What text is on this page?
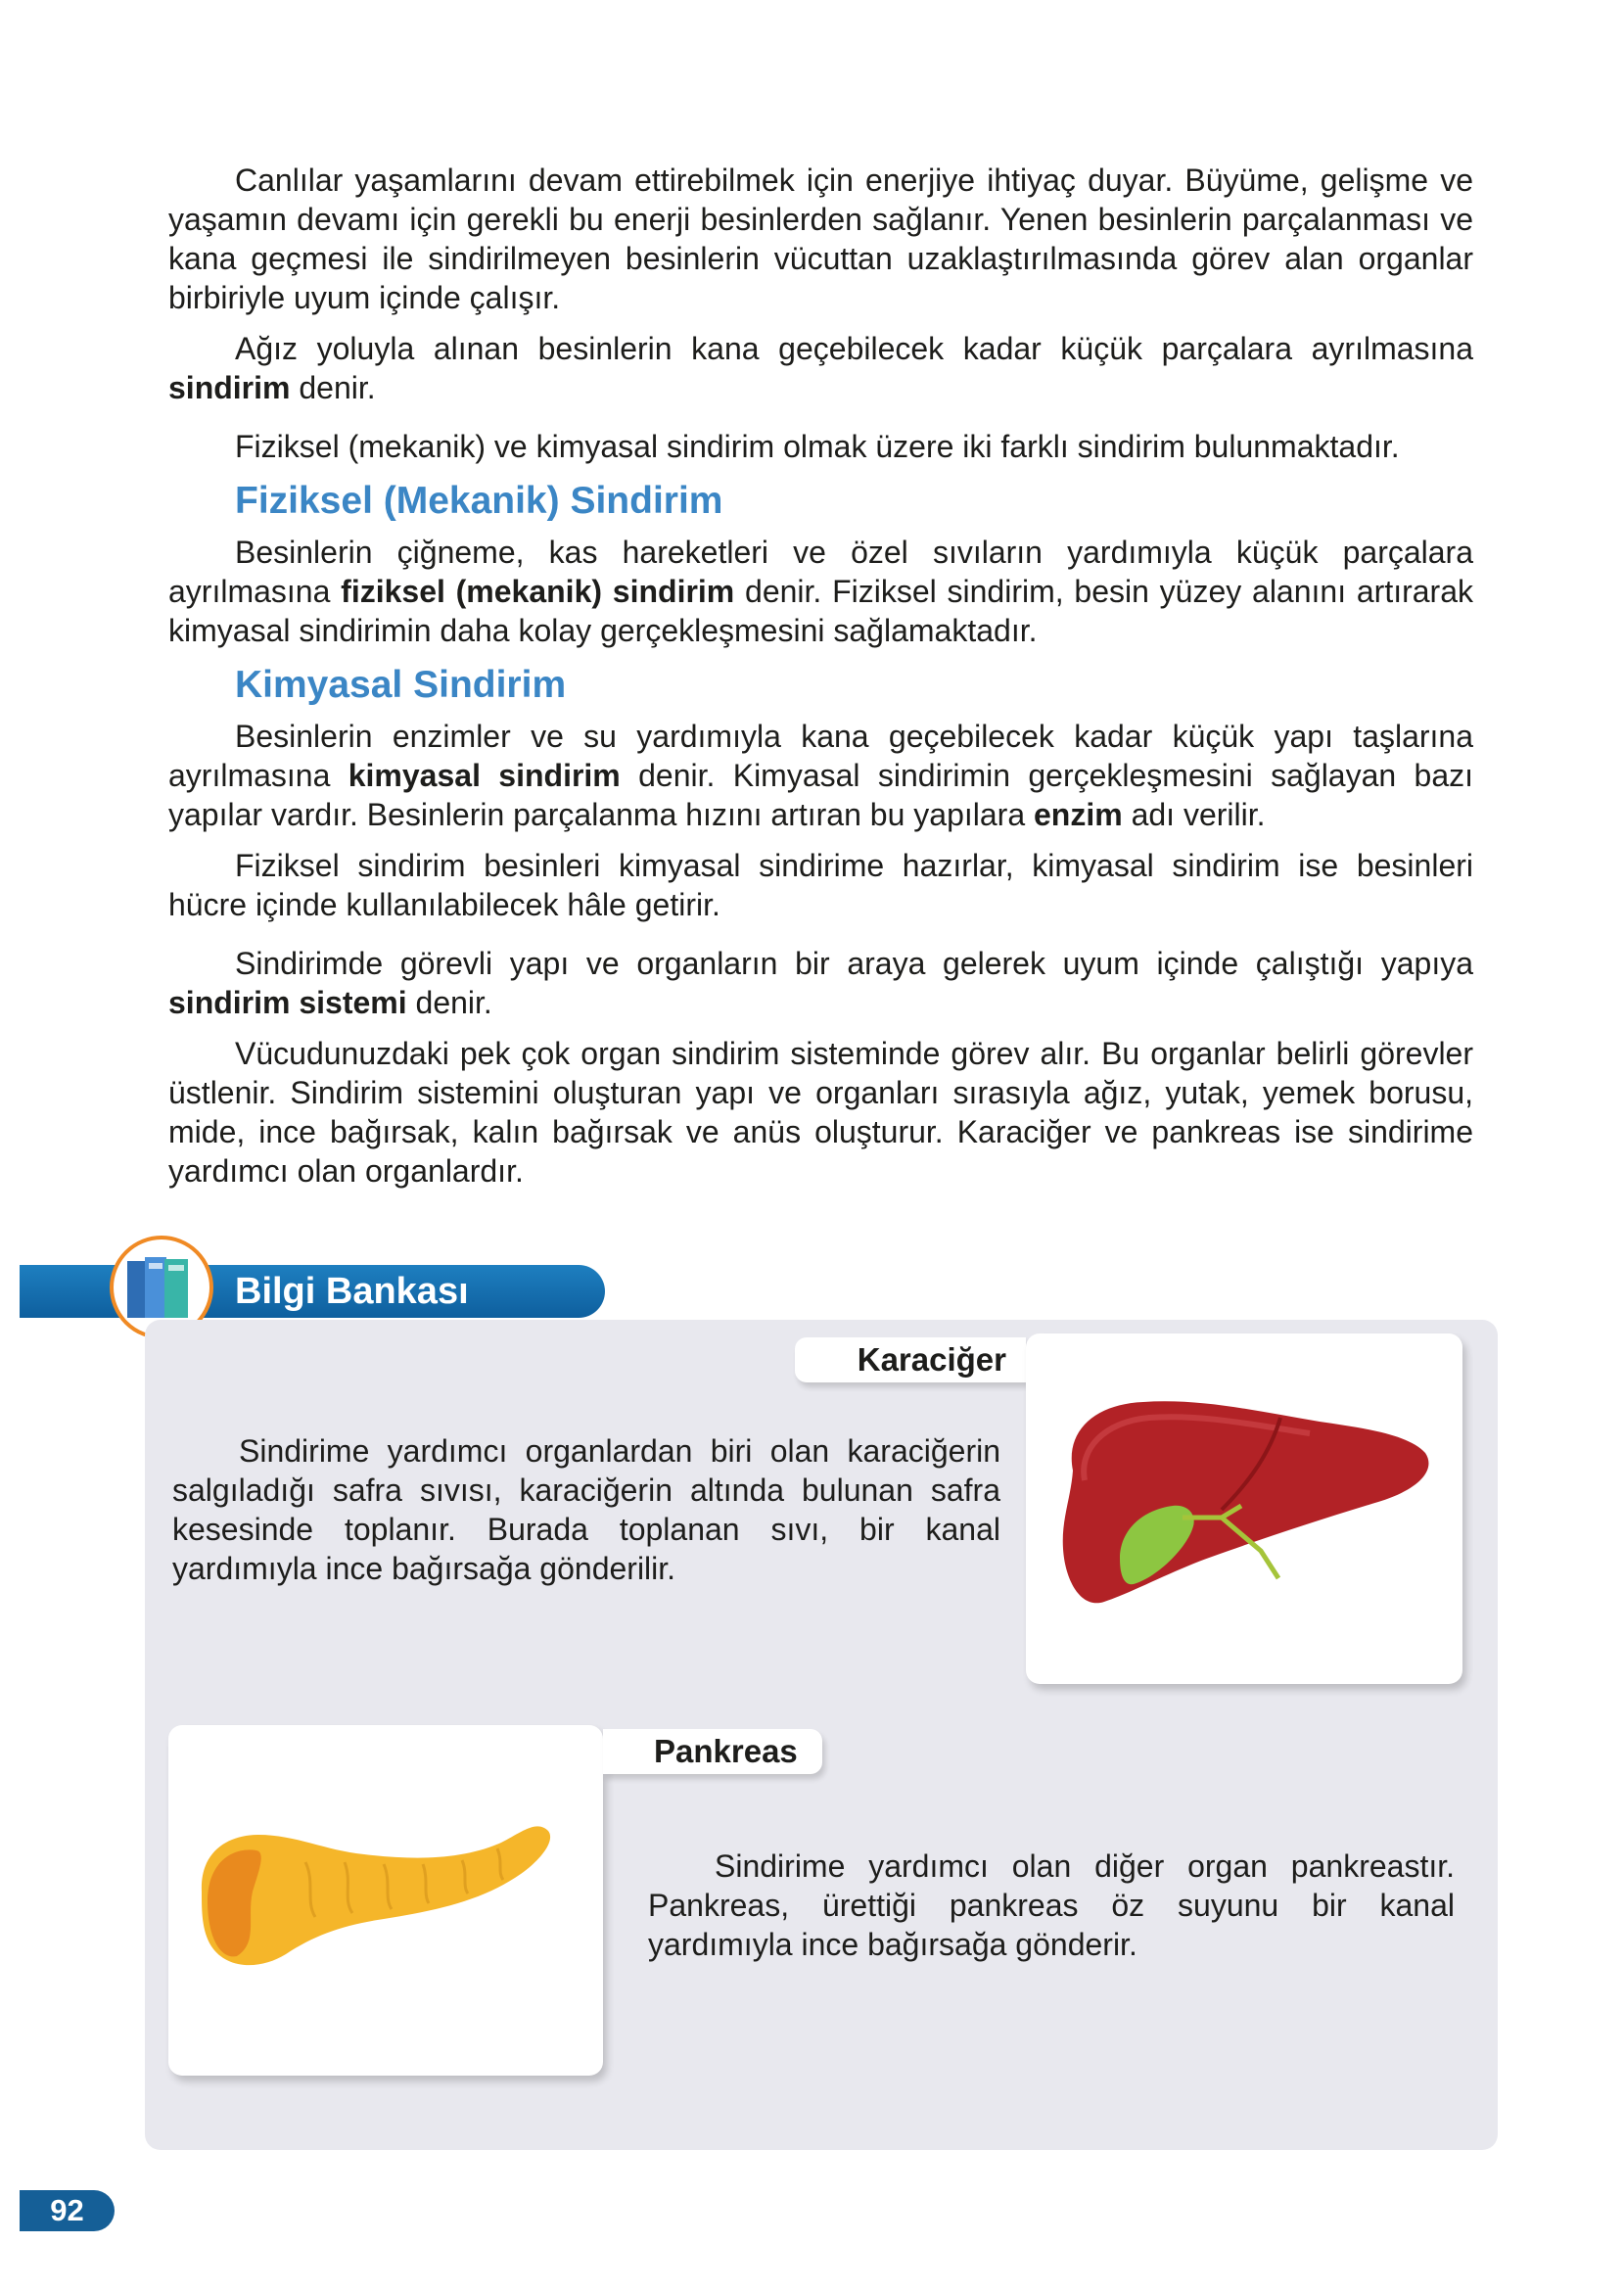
Canlılar yaşamlarını devam ettirebilmek için enerjiye ihtiyaç duyar. Büyüme, gelişme ve yaşamın devamı için gerekli bu enerji besinlerden sağlanır. Yenen besinlerin parçalanması ve kana geçmesi ile sindirilmeyen besinlerin vücuttan uzaklaştırılmasında görev alan organlar birbiriyle uyum içinde çalışır.

Ağız yoluyla alınan besinlerin kana geçebilecek kadar küçük parçalara ayrılmasına sindirim denir.

Fiziksel (mekanik) ve kimyasal sindirim olmak üzere iki farklı sindirim bulunmaktadır.

Fiziksel (Mekanik) Sindirim

Besinlerin çiğneme, kas hareketleri ve özel sıvıların yardımıyla küçük parçalara ayrılmasına fiziksel (mekanik) sindirim denir. Fiziksel sindirim, besin yüzey alanını artırarak kimyasal sindirimin daha kolay gerçekleşmesini sağlamaktadır.

Kimyasal Sindirim

Besinlerin enzimler ve su yardımıyla kana geçebilecek kadar küçük yapı taşlarına ayrılmasına kimyasal sindirim denir. Kimyasal sindirimin gerçekleşmesini sağlayan bazı yapılar vardır. Besinlerin parçalanma hızını artıran bu yapılara enzim adı verilir.

Fiziksel sindirim besinleri kimyasal sindirime hazırlar, kimyasal sindirim ise besinleri hücre içinde kullanılabilecek hâle getirir.

Sindirimde görevli yapı ve organların bir araya gelerek uyum içinde çalıştığı yapıya sindirim sistemi denir.

Vücudunuzdaki pek çok organ sindirim sisteminde görev alır. Bu organlar belirli görevler üstlenir. Sindirim sistemini oluşturan yapı ve organları sırasıyla ağız, yutak, yemek borusu, mide, ince bağırsak, kalın bağırsak ve anüs oluşturur. Karaciğer ve pankreas ise sindirime yardımcı olan organlardır.

Bilgi Bankası
Karaciğer

Sindirime yardımcı organlardan biri olan karaciğerin salgıladığı safra sıvısı, karaciğerin altında bulunan safra kesesinde toplanır. Burada toplanan sıvı, bir kanal yardımıyla ince bağırsağa gönderilir.

Pankreas

Sindirime yardımcı olan diğer organ pankreastır. Pankreas, ürettiği pankreas öz suyunu bir kanal yardımıyla ince bağırsağa gönderir.

92
